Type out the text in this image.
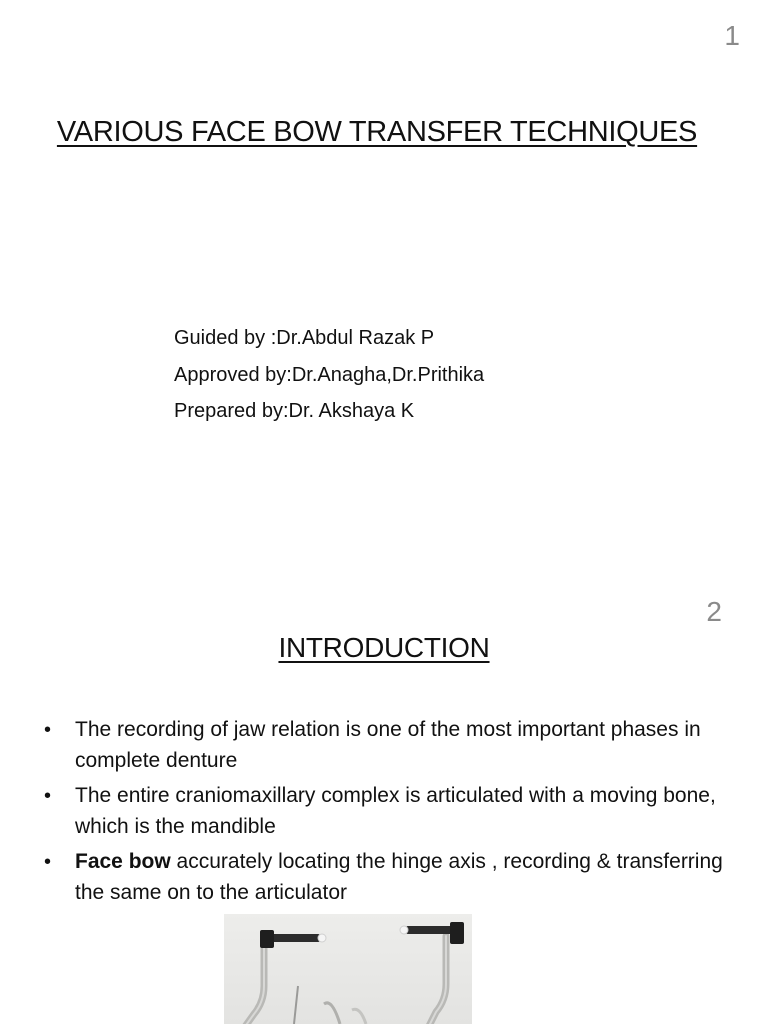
1
VARIOUS FACE BOW TRANSFER TECHNIQUES
Guided by :Dr.Abdul Razak P
Approved by:Dr.Anagha,Dr.Prithika
Prepared by:Dr. Akshaya K
2
INTRODUCTION
• The recording of jaw relation is one of the most important phases in complete denture
• The entire craniomaxillary complex is articulated with a moving bone, which is the mandible
• Face bow accurately locating the hinge axis , recording & transferring the same on to the articulator
